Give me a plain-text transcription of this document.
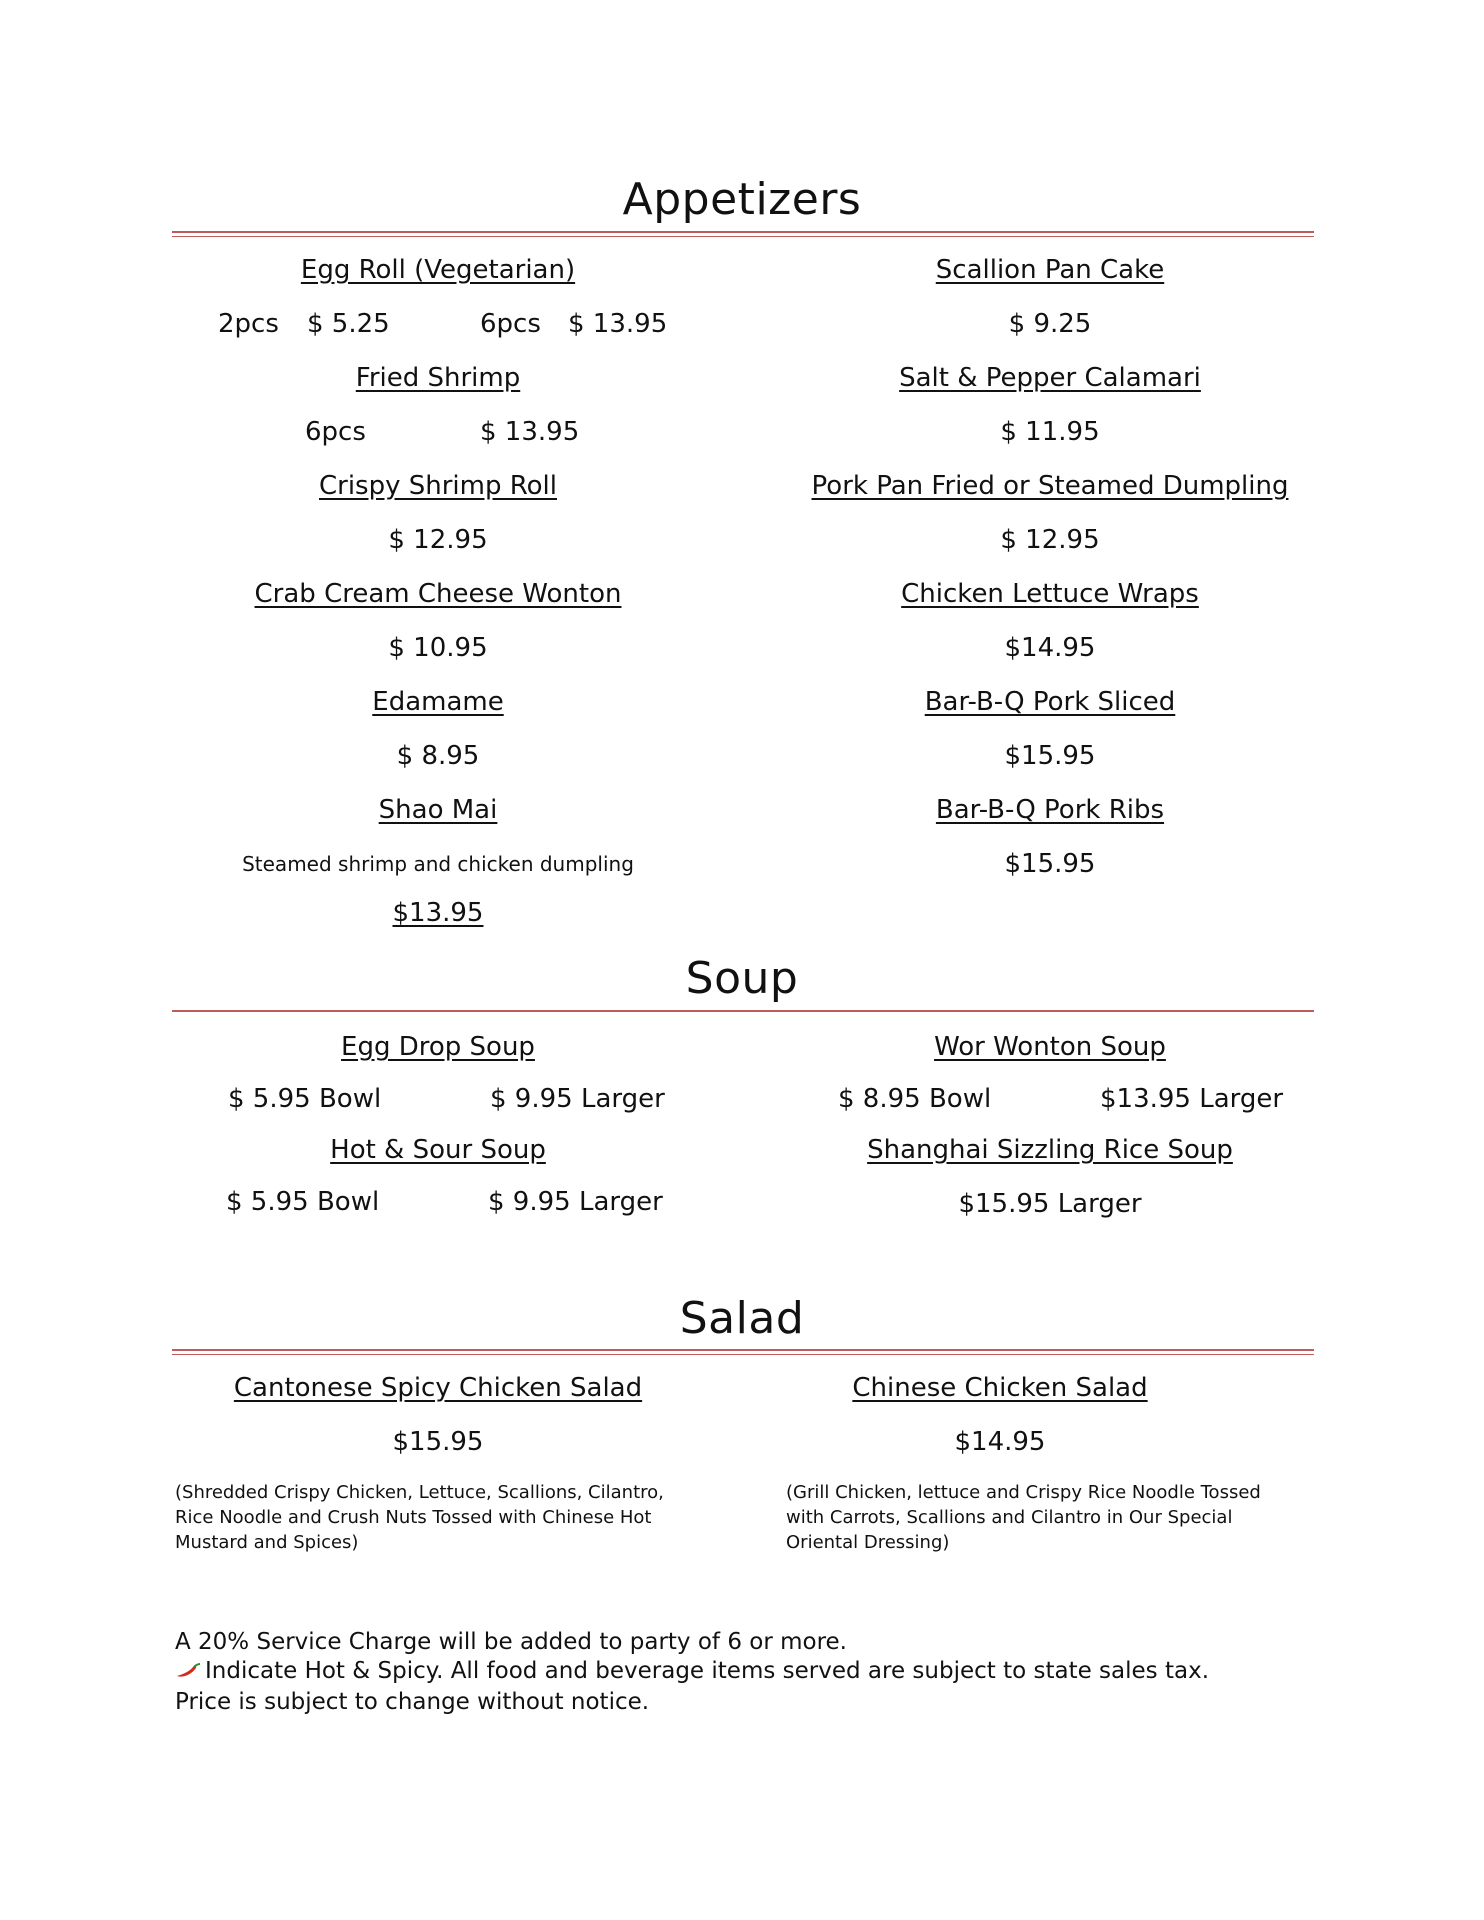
Appetizers
Egg Roll (Vegetarian)
2pcs $ 5.25	6pcs $ 13.95
Fried Shrimp
6pcs	$ 13.95
Crispy Shrimp Roll
$ 12.95
Crab Cream Cheese Wonton
$ 10.95
Edamame
$ 8.95
Shao Mai
Steamed shrimp and chicken dumpling
$13.95
Scallion Pan Cake
$ 9.25
Salt & Pepper Calamari
$ 11.95
Pork Pan Fried or Steamed Dumpling
$ 12.95
Chicken Lettuce Wraps
$14.95
Bar-B-Q Pork Sliced
$15.95
Bar-B-Q Pork Ribs
$15.95
Soup
Egg Drop Soup
$ 5.95 Bowl	$ 9.95 Larger
Hot & Sour Soup
$ 5.95 Bowl	$ 9.95 Larger
Wor Wonton Soup
$ 8.95 Bowl	$13.95 Larger
Shanghai Sizzling Rice Soup
$15.95 Larger
Salad
Cantonese Spicy Chicken Salad
$15.95
(Shredded Crispy Chicken, Lettuce, Scallions, Cilantro, Rice Noodle and Crush Nuts Tossed with Chinese Hot Mustard and Spices)
Chinese Chicken Salad
$14.95
(Grill Chicken, lettuce and Crispy Rice Noodle Tossed with Carrots, Scallions and Cilantro in Our Special Oriental Dressing)
A 20% Service Charge will be added to party of 6 or more.
Indicate Hot & Spicy. All food and beverage items served are subject to state sales tax.
Price is subject to change without notice.
